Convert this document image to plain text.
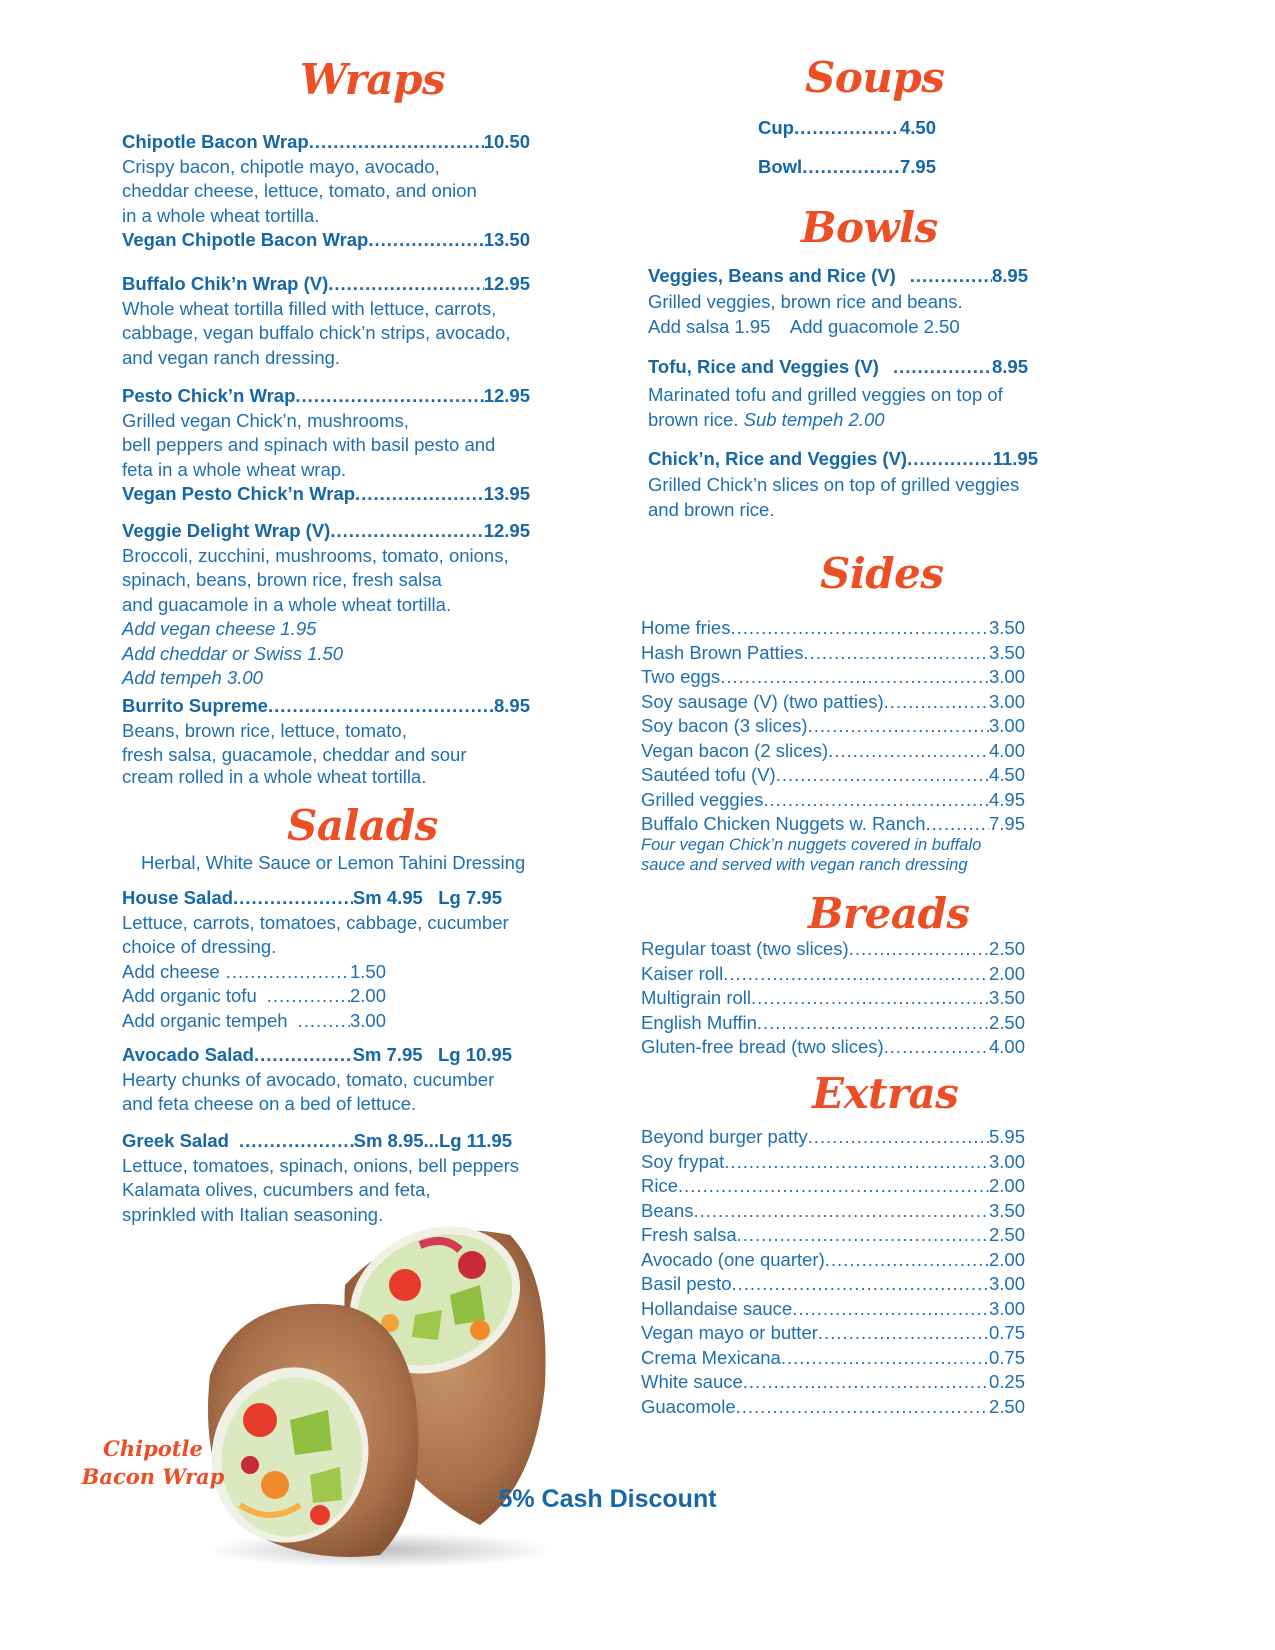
Wraps
Chipotle Bacon Wrap .....	10.50
Crispy bacon, chipotle mayo, avocado,
cheddar cheese, lettuce, tomato, and onion
in a whole wheat tortilla.
Vegan Chipotle Bacon Wrap .....	13.50
Buffalo Chik’n Wrap (V) .....	12.95
Whole wheat tortilla filled with lettuce, carrots,
cabbage, vegan buffalo chick’n strips, avocado,
and vegan ranch dressing.
Pesto Chick’n Wrap .....	12.95
Grilled vegan Chick’n, mushrooms,
bell peppers and spinach with basil pesto and
feta in a whole wheat wrap.
Vegan Pesto Chick’n Wrap .....	13.95
Veggie Delight Wrap (V) .....	12.95
Broccoli, zucchini, mushrooms, tomato, onions,
spinach, beans, brown rice, fresh salsa
and guacamole in a whole wheat tortilla.
Add vegan cheese 1.95
Add cheddar or Swiss 1.50
Add tempeh 3.00
Burrito Supreme .....	8.95
Beans, brown rice, lettuce, tomato,
fresh salsa, guacamole, cheddar and sour
cream rolled in a whole wheat tortilla.
Salads
Herbal, White Sauce or Lemon Tahini Dressing
House Salad .....	Sm 4.95   Lg 7.95
Lettuce, carrots, tomatoes, cabbage, cucumber
choice of dressing.
Add cheese .....	1.50
Add organic tofu .....	2.00
Add organic tempeh .....	3.00
Avocado Salad .....	Sm 7.95   Lg 10.95
Hearty chunks of avocado, tomato, cucumber
and feta cheese on a bed of lettuce.
Greek Salad .....	Sm 8.95...Lg 11.95
Lettuce, tomatoes, spinach, onions, bell peppers
Kalamata olives, cucumbers and feta,
sprinkled with Italian seasoning.
Chipotle
Bacon Wrap
Soups
Cup .....	4.50
Bowl .....	7.95
Bowls
Veggies, Beans and Rice (V) .....	8.95
Grilled veggies, brown rice and beans.
Add salsa 1.95    Add guacomole 2.50
Tofu, Rice and Veggies (V) .....	8.95
Marinated tofu and grilled veggies on top of
brown rice. Sub tempeh 2.00
Chick’n, Rice and Veggies (V) .....	11.95
Grilled Chick’n slices on top of grilled veggies
and brown rice.
Sides
Home fries .....	3.50
Hash Brown Patties .....	3.50
Two eggs .....	3.00
Soy sausage (V) (two patties) .....	3.00
Soy bacon (3 slices) .....	3.00
Vegan bacon (2 slices) .....	4.00
Sautéed tofu (V) .....	4.50
Grilled veggies .....	4.95
Buffalo Chicken Nuggets w. Ranch .....	7.95
Four vegan Chick’n nuggets covered in buffalo
sauce and served with vegan ranch dressing
Breads
Regular toast (two slices) .....	2.50
Kaiser roll .....	2.00
Multigrain roll .....	3.50
English Muffin .....	2.50
Gluten-free bread (two slices) .....	4.00
Extras
Beyond burger patty .....	5.95
Soy frypat .....	3.00
Rice .....	2.00
Beans .....	3.50
Fresh salsa .....	2.50
Avocado (one quarter) .....	2.00
Basil pesto .....	3.00
Hollandaise sauce .....	3.00
Vegan mayo or butter .....	0.75
Crema Mexicana .....	0.75
White sauce .....	0.25
Guacomole .....	2.50
5% Cash Discount
